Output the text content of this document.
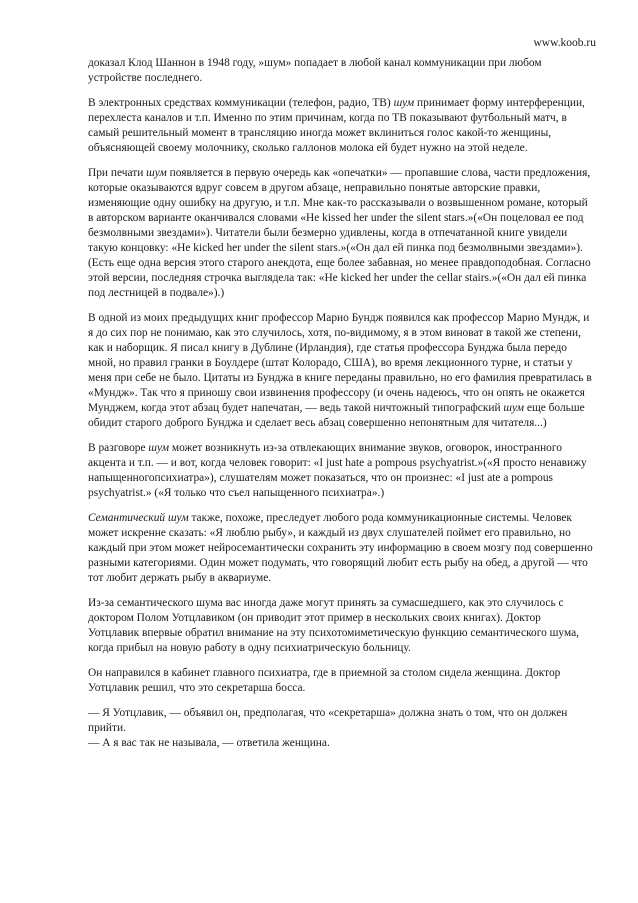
www.koob.ru

доказал Клод Шаннон в 1948 году, »шум» попадает в любой канал коммуникации при любом устройстве последнего.

В электронных средствах коммуникации (телефон, радио, ТВ) шум принимает форму интерференции, перехлеста каналов и т.п. Именно по этим причинам, когда по ТВ показывают футбольный матч, в самый решительный момент в трансляцию иногда может вклиниться голос какой-то женщины, объясняющей своему молочнику, сколько галлонов молока ей будет нужно на этой неделе.

При печати шум появляется в первую очередь как «опечатки» — пропавшие слова, части предложения, которые оказываются вдруг совсем в другом абзаце, неправильно понятые авторские правки, изменяющие одну ошибку на другую, и т.п. Мне как-то рассказывали о возвышенном романе, который в авторском варианте оканчивался словами «He kissed her under the silent stars.»(«Он поцеловал ее под безмолвными звездами»). Читатели были безмерно удивлены, когда в отпечатанной книге увидели такую концовку: «He kicked her under the silent stars.»(«Он дал ей пинка под безмолвными звездами»). (Есть еще одна версия этого старого анекдота, еще более забавная, но менее правдоподобная. Согласно этой версии, последняя строчка выглядела так: «He kicked her under the cellar stairs.»(«Он дал ей пинка под лестницей в подвале»).)

В одной из моих предыдущих книг профессор Марио Бундж появился как профессор Марио Мундж, и я до сих пор не понимаю, как это случилось, хотя, по-видимому, я в этом виноват в такой же степени, как и наборщик. Я писал книгу в Дублине (Ирландия), где статья профессора Бунджа была передо мной, но правил гранки в Боулдере (штат Колорадо, США), во время лекционного турне, и статьи у меня при себе не было. Цитаты из Бунджа в книге переданы правильно, но его фамилия превратилась в «Мундж». Так что я приношу свои извинения профессору (и очень надеюсь, что он опять не окажется Мунджем, когда этот абзац будет напечатан, — ведь такой ничтожный типографский шум еще больше обидит старого доброго Бунджа и сделает весь абзац совершенно непонятным для читателя...)

В разговоре шум может возникнуть из-за отвлекающих внимание звуков, оговорок, иностранного акцента и т.п. — и вот, когда человек говорит: «I just hate a pompous psychyatrist.»(«Я просто ненавижу напыщенногопсихиатра»), слушателям может показаться, что он произнес: «I just ate a pompous psychyatrist.» («Я только что съел напыщенного психиатра».)

Семантический шум также, похоже, преследует любого рода коммуникационные системы. Человек может искренне сказать: «Я люблю рыбу», и каждый из двух слушателей поймет его правильно, но каждый при этом может нейросемантически сохранить эту информацию в своем мозгу под совершенно разными категориями. Один может подумать, что говорящий любит есть рыбу на обед, а другой — что тот любит держать рыбу в аквариуме.

Из-за семантического шума вас иногда даже могут принять за сумасшедшего, как это случилось с доктором Полом Уотцлавиком (он приводит этот пример в нескольких своих книгах). Доктор Уотцлавик впервые обратил внимание на эту психотомиметическую функцию семантического шума, когда прибыл на новую работу в одну психиатрическую больницу.

Он направился в кабинет главного психиатра, где в приемной за столом сидела женщина. Доктор Уотцлавик решил, что это секретарша босса.

— Я Уотцлавик, — объявил он, предполагая, что «секретарша» должна знать о том, что он должен прийти.

— А я вас так не называла, — ответила женщина.
